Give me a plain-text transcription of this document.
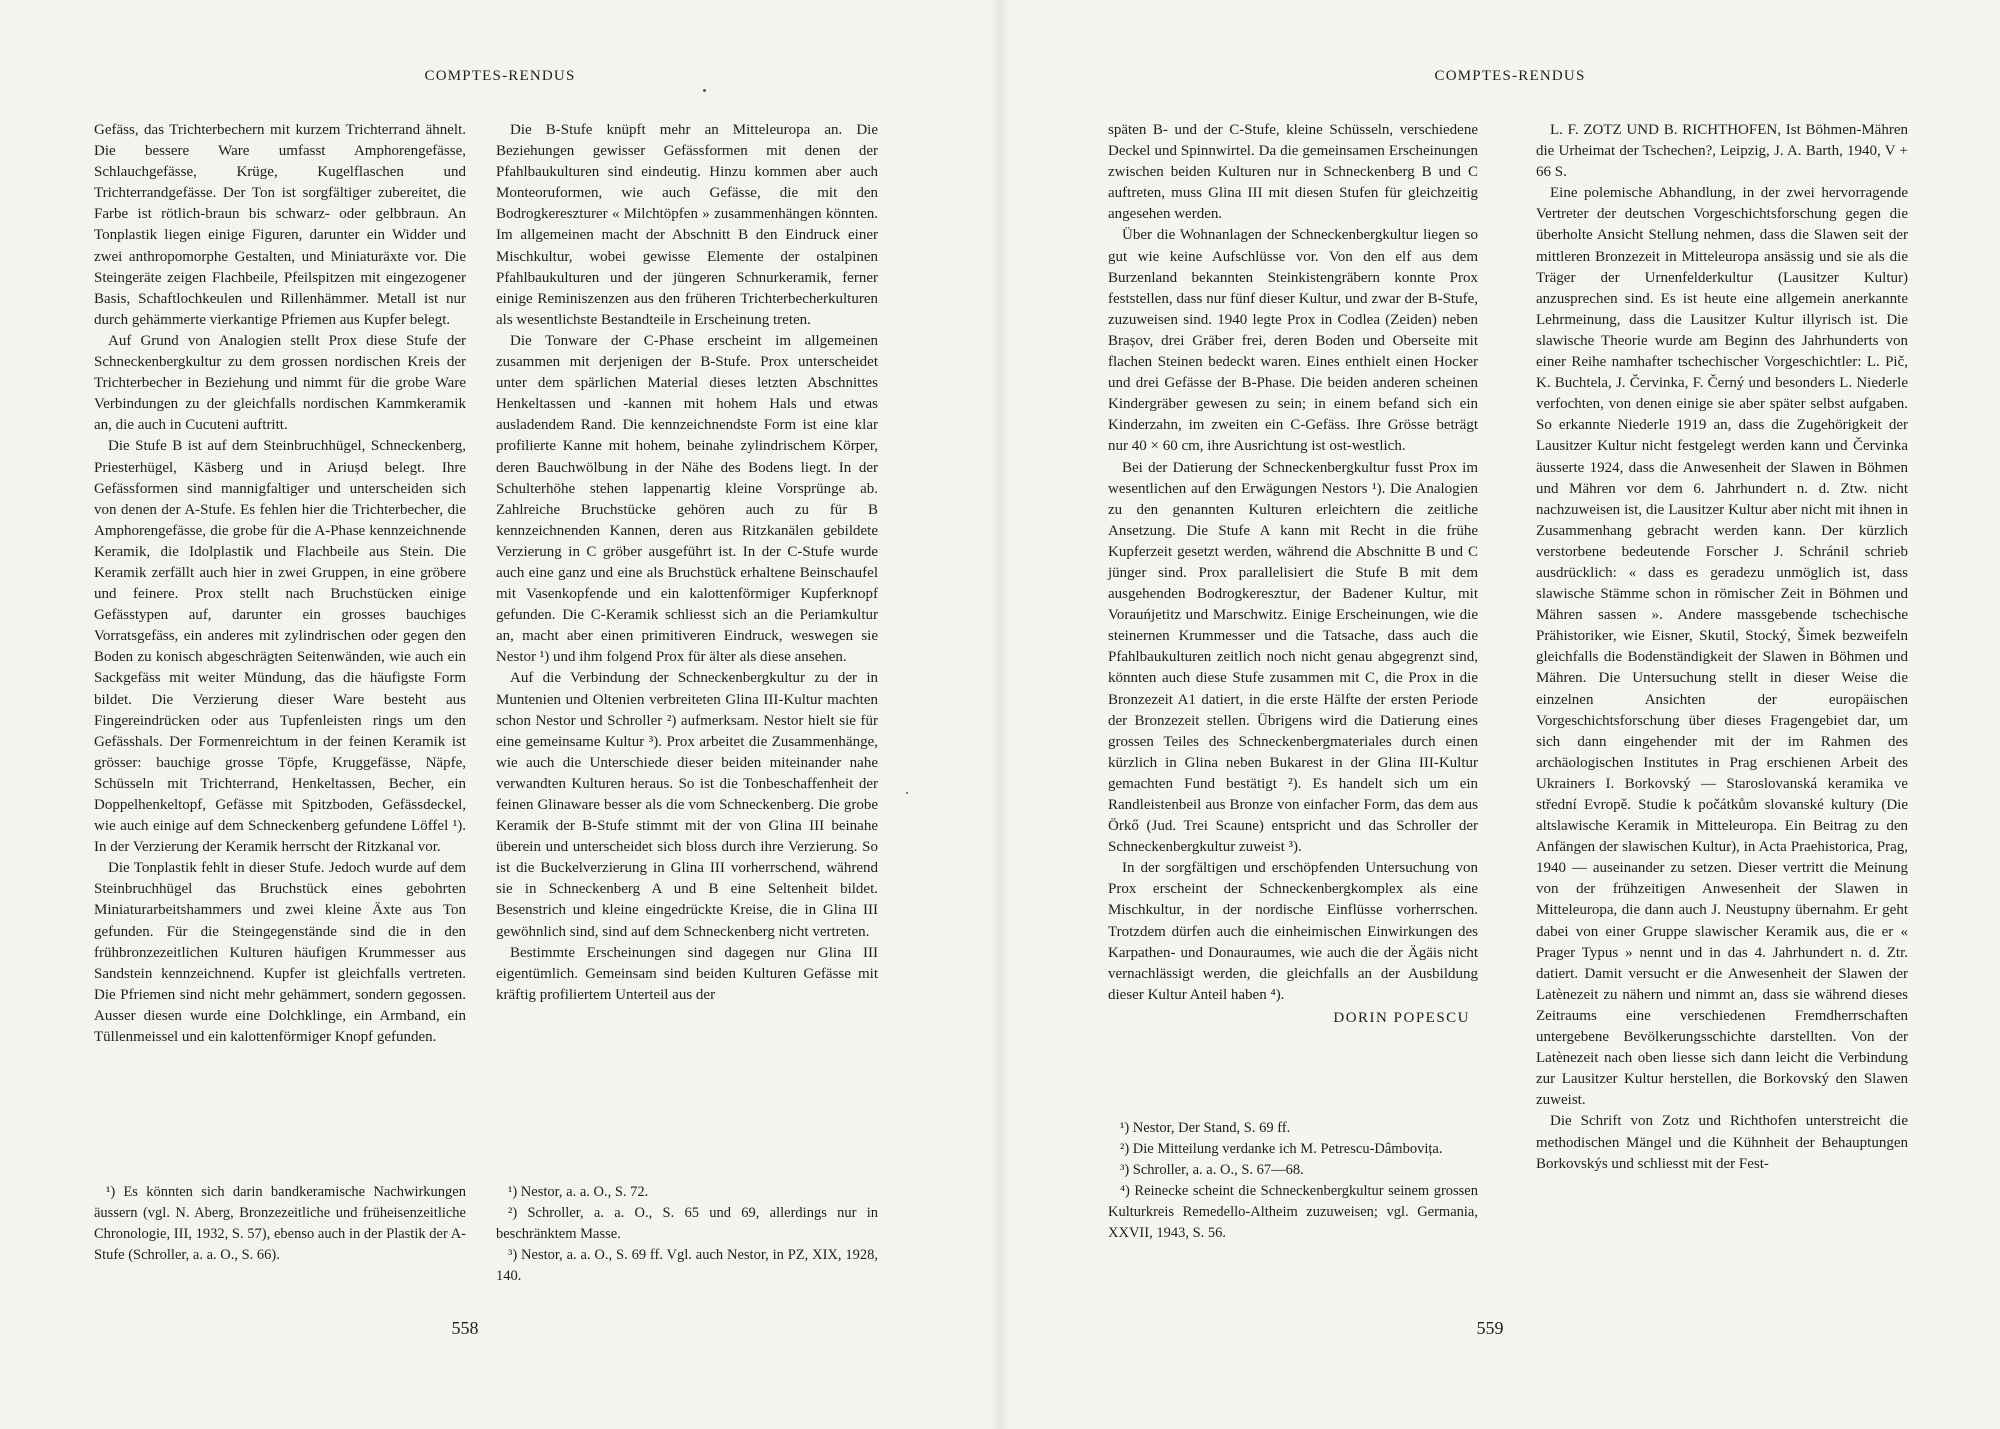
COMPTES-RENDUS

Gefäss, das Trichterbechern mit kurzem Trichterrand ähnelt. Die bessere Ware umfasst Amphorengefässe, Schlauchgefässe, Krüge, Kugelflaschen und Trichterrandgefässe. Der Ton ist sorgfältiger zubereitet, die Farbe ist rötlich-braun bis schwarz- oder gelbbraun. An Tonplastik liegen einige Figuren, darunter ein Widder und zwei anthropomorphe Gestalten, und Miniaturäxte vor. Die Steingeräte zeigen Flachbeile, Pfeilspitzen mit eingezogener Basis, Schaftlochkeulen und Rillenhämmer. Metall ist nur durch gehämmerte vierkantige Pfriemen aus Kupfer belegt.

Auf Grund von Analogien stellt Prox diese Stufe der Schneckenbergkultur zu dem grossen nordischen Kreis der Trichterbecher in Beziehung und nimmt für die grobe Ware Verbindungen zu der gleichfalls nordischen Kammkeramik an, die auch in Cucuteni auftritt.

Die Stufe B ist auf dem Steinbruchhügel, Schneckenberg, Priesterhügel, Käsberg und in Ariușd belegt. Ihre Gefässformen sind mannigfaltiger und unterscheiden sich von denen der A-Stufe. Es fehlen hier die Trichterbecher, die Amphorengefässe, die grobe für die A-Phase kennzeichnende Keramik, die Idolplastik und Flachbeile aus Stein. Die Keramik zerfällt auch hier in zwei Gruppen, in eine gröbere und feinere. Prox stellt nach Bruchstücken einige Gefässtypen auf, darunter ein grosses bauchiges Vorratsgefäss, ein anderes mit zylindrischen oder gegen den Boden zu konisch abgeschrägten Seitenwänden, wie auch ein Sackgefäss mit weiter Mündung, das die häufigste Form bildet. Die Verzierung dieser Ware besteht aus Fingereindrücken oder aus Tupfenleisten rings um den Gefässhals. Der Formenreichtum in der feinen Keramik ist grösser: bauchige grosse Töpfe, Kruggefässe, Näpfe, Schüsseln mit Trichterrand, Henkeltassen, Becher, ein Doppelhenkeltopf, Gefässe mit Spitzboden, Gefässdeckel, wie auch einige auf dem Schneckenberg gefundene Löffel ¹). In der Verzierung der Keramik herrscht der Ritzkanal vor.

Die Tonplastik fehlt in dieser Stufe. Jedoch wurde auf dem Steinbruchhügel das Bruchstück eines gebohrten Miniaturarbeitshammers und zwei kleine Äxte aus Ton gefunden. Für die Steingegenstände sind die in den frühbronzezeitlichen Kulturen häufigen Krummesser aus Sandstein kennzeichnend. Kupfer ist gleichfalls vertreten. Die Pfriemen sind nicht mehr gehämmert, sondern gegossen. Ausser diesen wurde eine Dolchklinge, ein Armband, ein Tüllenmeissel und ein kalottenförmiger Knopf gefunden.

Die B-Stufe knüpft mehr an Mitteleuropa an. Die Beziehungen gewisser Gefässformen mit denen der Pfahlbaukulturen sind eindeutig. Hinzu kommen aber auch Monteoruformen, wie auch Gefässe, die mit den Bodrogkereszturer « Milchtöpfen » zusammenhängen könnten. Im allgemeinen macht der Abschnitt B den Eindruck einer Mischkultur, wobei gewisse Elemente der ostalpinen Pfahlbaukulturen und der jüngeren Schnurkeramik, ferner einige Reminiszenzen aus den früheren Trichterbecherkulturen als wesentlichste Bestandteile in Erscheinung treten.

Die Tonware der C-Phase erscheint im allgemeinen zusammen mit derjenigen der B-Stufe. Prox unterscheidet unter dem spärlichen Material dieses letzten Abschnittes Henkeltassen und -kannen mit hohem Hals und etwas ausladendem Rand. Die kennzeichnendste Form ist eine klar profilierte Kanne mit hohem, beinahe zylindrischem Körper, deren Bauchwölbung in der Nähe des Bodens liegt. In der Schulterhöhe stehen lappenartig kleine Vorsprünge ab. Zahlreiche Bruchstücke gehören auch zu für B kennzeichnenden Kannen, deren aus Ritzkanälen gebildete Verzierung in C gröber ausgeführt ist. In der C-Stufe wurde auch eine ganz und eine als Bruchstück erhaltene Beinschaufel mit Vasenkopfende und ein kalottenförmiger Kupferknopf gefunden. Die C-Keramik schliesst sich an die Periamkultur an, macht aber einen primitiveren Eindruck, weswegen sie Nestor ¹) und ihm folgend Prox für älter als diese ansehen.

Auf die Verbindung der Schneckenbergkultur zu der in Muntenien und Oltenien verbreiteten Glina III-Kultur machten schon Nestor und Schroller ²) aufmerksam. Nestor hielt sie für eine gemeinsame Kultur ³). Prox arbeitet die Zusammenhänge, wie auch die Unterschiede dieser beiden miteinander nahe verwandten Kulturen heraus. So ist die Tonbeschaffenheit der feinen Glinaware besser als die vom Schneckenberg. Die grobe Keramik der B-Stufe stimmt mit der von Glina III beinahe überein und unterscheidet sich bloss durch ihre Verzierung. So ist die Buckelverzierung in Glina III vorherrschend, während sie in Schneckenberg A und B eine Seltenheit bildet. Besenstrich und kleine eingedrückte Kreise, die in Glina III gewöhnlich sind, sind auf dem Schneckenberg nicht vertreten.

Bestimmte Erscheinungen sind dagegen nur Glina III eigentümlich. Gemeinsam sind beiden Kulturen Gefässe mit kräftig profiliertem Unterteil aus der

¹) Es könnten sich darin bandkeramische Nachwirkungen äussern (vgl. N. Aberg, Bronzezeitliche und früheisenzeitliche Chronologie, III, 1932, S. 57), ebenso auch in der Plastik der A-Stufe (Schroller, a. a. O., S. 66).

¹) Nestor, a. a. O., S. 72.

²) Schroller, a. a. O., S. 65 und 69, allerdings nur in beschränktem Masse.

³) Nestor, a. a. O., S. 69 ff. Vgl. auch Nestor, in PZ, XIX, 1928, 140.

558
COMPTES-RENDUS

späten B- und der C-Stufe, kleine Schüsseln, verschiedene Deckel und Spinnwirtel. Da die gemeinsamen Erscheinungen zwischen beiden Kulturen nur in Schneckenberg B und C auftreten, muss Glina III mit diesen Stufen für gleichzeitig angesehen werden.

Über die Wohnanlagen der Schneckenbergkultur liegen so gut wie keine Aufschlüsse vor. Von den elf aus dem Burzenland bekannten Steinkistengräbern konnte Prox feststellen, dass nur fünf dieser Kultur, und zwar der B-Stufe, zuzuweisen sind. 1940 legte Prox in Codlea (Zeiden) neben Brașov, drei Gräber frei, deren Boden und Oberseite mit flachen Steinen bedeckt waren. Eines enthielt einen Hocker und drei Gefässe der B-Phase. Die beiden anderen scheinen Kindergräber gewesen zu sein; in einem befand sich ein Kinderzahn, im zweiten ein C-Gefäss. Ihre Grösse beträgt nur 40 × 60 cm, ihre Ausrichtung ist ost-westlich.

Bei der Datierung der Schneckenbergkultur fusst Prox im wesentlichen auf den Erwägungen Nestors ¹). Die Analogien zu den genannten Kulturen erleichtern die zeitliche Ansetzung. Die Stufe A kann mit Recht in die frühe Kupferzeit gesetzt werden, während die Abschnitte B und C jünger sind. Prox parallelisiert die Stufe B mit dem ausgehenden Bodrogkeresztur, der Badener Kultur, mit Vorauńjetitz und Marschwitz. Einige Erscheinungen, wie die steinernen Krummesser und die Tatsache, dass auch die Pfahlbaukulturen zeitlich noch nicht genau abgegrenzt sind, könnten auch diese Stufe zusammen mit C, die Prox in die Bronzezeit A1 datiert, in die erste Hälfte der ersten Periode der Bronzezeit stellen. Übrigens wird die Datierung eines grossen Teiles des Schneckenbergmateriales durch einen kürzlich in Glina neben Bukarest in der Glina III-Kultur gemachten Fund bestätigt ²). Es handelt sich um ein Randleistenbeil aus Bronze von einfacher Form, das dem aus Örkő (Jud. Trei Scaune) entspricht und das Schroller der Schneckenbergkultur zuweist ³).

In der sorgfältigen und erschöpfenden Untersuchung von Prox erscheint der Schneckenbergkomplex als eine Mischkultur, in der nordische Einflüsse vorherrschen. Trotzdem dürfen auch die einheimischen Einwirkungen des Karpathen- und Donauraumes, wie auch die der Ägäis nicht vernachlässigt werden, die gleichfalls an der Ausbildung dieser Kultur Anteil haben ⁴).

DORIN POPESCU

L. F. ZOTZ UND B. RICHTHOFEN, Ist Böhmen-Mähren die Urheimat der Tschechen?, Leipzig, J. A. Barth, 1940, V + 66 S.

Eine polemische Abhandlung, in der zwei hervorragende Vertreter der deutschen Vorgeschichtsforschung gegen die überholte Ansicht Stellung nehmen, dass die Slawen seit der mittleren Bronzezeit in Mitteleuropa ansässig und sie als die Träger der Urnenfelderkultur (Lausitzer Kultur) anzusprechen sind. Es ist heute eine allgemein anerkannte Lehrmeinung, dass die Lausitzer Kultur illyrisch ist. Die slawische Theorie wurde am Beginn des Jahrhunderts von einer Reihe namhafter tschechischer Vorgeschichtler: L. Pič, K. Buchtela, J. Červinka, F. Černý und besonders L. Niederle verfochten, von denen einige sie aber später selbst aufgaben. So erkannte Niederle 1919 an, dass die Zugehörigkeit der Lausitzer Kultur nicht festgelegt werden kann und Červinka äusserte 1924, dass die Anwesenheit der Slawen in Böhmen und Mähren vor dem 6. Jahrhundert n. d. Ztw. nicht nachzuweisen ist, die Lausitzer Kultur aber nicht mit ihnen in Zusammenhang gebracht werden kann. Der kürzlich verstorbene bedeutende Forscher J. Schránil schrieb ausdrücklich: « dass es geradezu unmöglich ist, dass slawische Stämme schon in römischer Zeit in Böhmen und Mähren sassen ». Andere massgebende tschechische Prähistoriker, wie Eisner, Skutil, Stocký, Šimek bezweifeln gleichfalls die Bodenständigkeit der Slawen in Böhmen und Mähren. Die Untersuchung stellt in dieser Weise die einzelnen Ansichten der europäischen Vorgeschichtsforschung über dieses Fragengebiet dar, um sich dann eingehender mit der im Rahmen des archäologischen Institutes in Prag erschienen Arbeit des Ukrainers I. Borkovský — Staroslovanská keramika ve střední Evropě. Studie k počátkům slovanské kultury (Die altslawische Keramik in Mitteleuropa. Ein Beitrag zu den Anfängen der slawischen Kultur), in Acta Praehistorica, Prag, 1940 — auseinander zu setzen. Dieser vertritt die Meinung von der frühzeitigen Anwesenheit der Slawen in Mitteleuropa, die dann auch J. Neustupny übernahm. Er geht dabei von einer Gruppe slawischer Keramik aus, die er « Prager Typus » nennt und in das 4. Jahrhundert n. d. Ztr. datiert. Damit versucht er die Anwesenheit der Slawen der Latènezeit zu nähern und nimmt an, dass sie während dieses Zeitraums eine verschiedenen Fremdherrschaften untergebene Bevölkerungsschichte darstellten. Von der Latènezeit nach oben liesse sich dann leicht die Verbindung zur Lausitzer Kultur herstellen, die Borkovský den Slawen zuweist.

Die Schrift von Zotz und Richthofen unterstreicht die methodischen Mängel und die Kühnheit der Behauptungen Borkovskýs und schliesst mit der Fest-

¹) Nestor, Der Stand, S. 69 ff.

²) Die Mitteilung verdanke ich M. Petrescu-Dâmbovița.

³) Schroller, a. a. O., S. 67—68.

⁴) Reinecke scheint die Schneckenbergkultur seinem grossen Kulturkreis Remedello-Altheim zuzuweisen; vgl. Germania, XXVII, 1943, S. 56.

559
